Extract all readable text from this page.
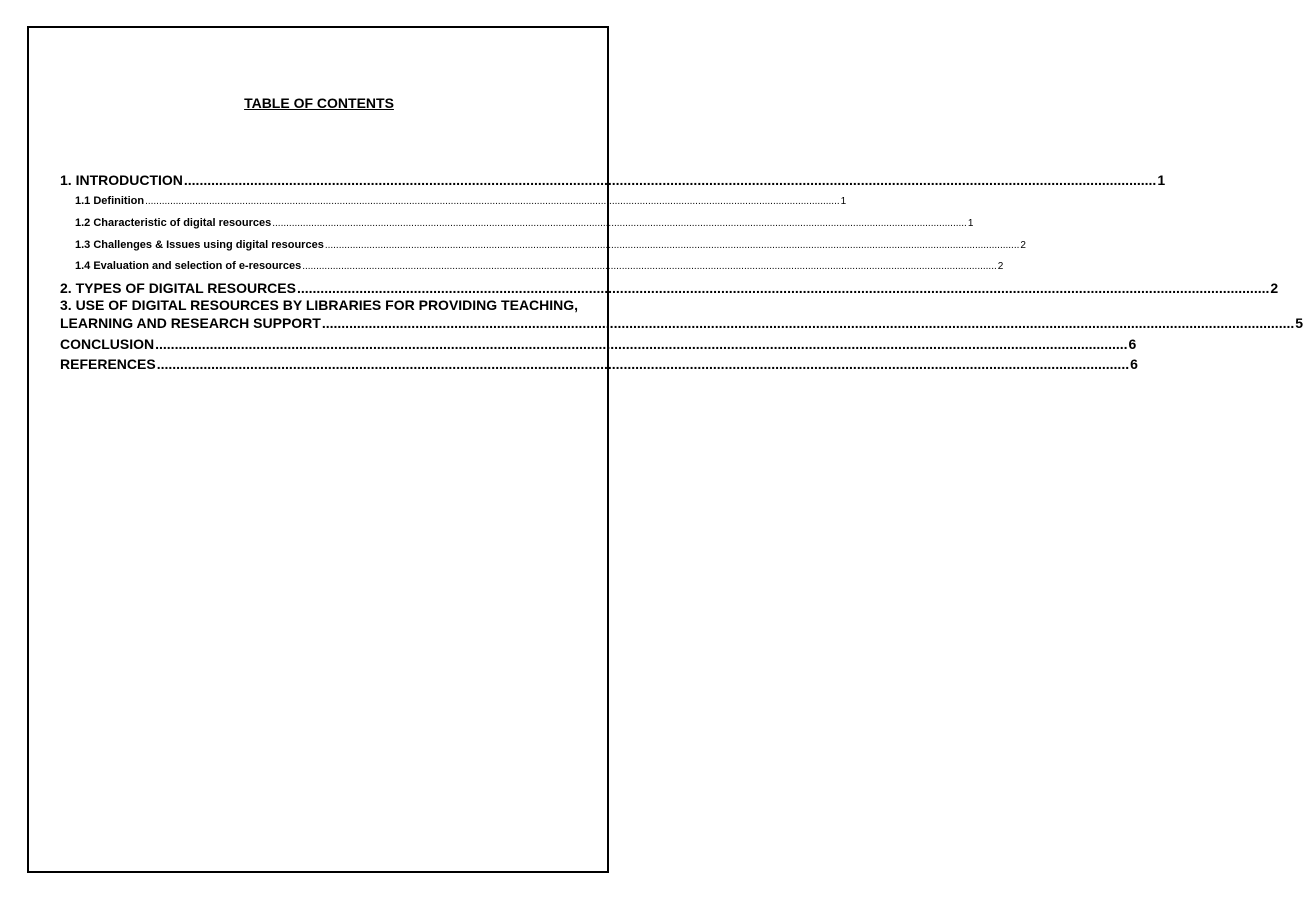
TABLE OF CONTENTS
1. INTRODUCTION .......................................................................................................................................................................................................................................................... 1
1.1 Definition .......................................................................................................................................................................................................................................................... 1
1.2 Characteristic of digital resources .......................................................................................................................................................................................................................................................... 1
1.3 Challenges & Issues using digital resources .......................................................................................................................................................................................................................................................... 2
1.4 Evaluation and selection of e-resources .......................................................................................................................................................................................................................................................... 2
2. TYPES OF DIGITAL RESOURCES .......................................................................................................................................................................................................................................................... 2
3. USE OF DIGITAL RESOURCES BY LIBRARIES FOR PROVIDING TEACHING,
LEARNING AND RESEARCH SUPPORT .......................................................................................................................................................................................................................................................... 5
CONCLUSION .......................................................................................................................................................................................................................................................... 6
REFERENCES .......................................................................................................................................................................................................................................................... 6
